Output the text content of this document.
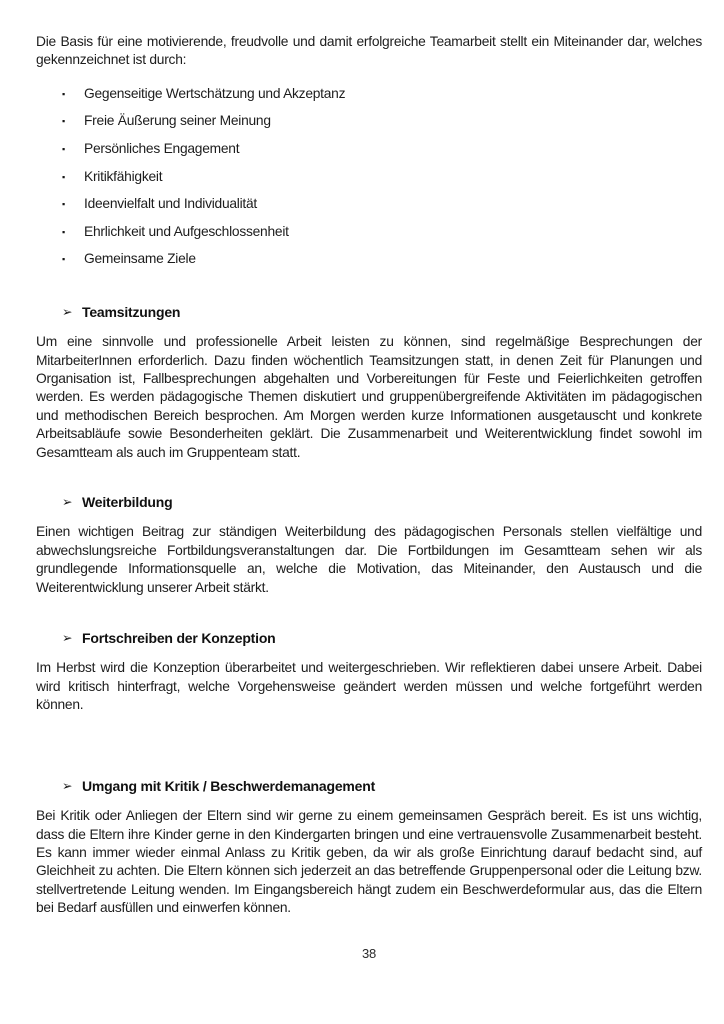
Die Basis für eine motivierende, freudvolle und damit erfolgreiche Teamarbeit stellt ein Miteinander dar, welches gekennzeichnet ist durch:

▪	Gegenseitige Wertschätzung und Akzeptanz
▪	Freie Äußerung seiner Meinung
▪	Persönliches Engagement
▪	Kritikfähigkeit
▪	Ideenvielfalt und Individualität
▪	Ehrlichkeit und Aufgeschlossenheit
▪	Gemeinsame Ziele
➢ Teamsitzungen

Um eine sinnvolle und professionelle Arbeit leisten zu können, sind regelmäßige Besprechungen der MitarbeiterInnen erforderlich. Dazu finden wöchentlich Teamsitzungen statt, in denen Zeit für Planungen und Organisation ist, Fallbesprechungen abgehalten und Vorbereitungen für Feste und Feierlichkeiten getroffen werden. Es werden pädagogische Themen diskutiert und gruppenübergreifende Aktivitäten im pädagogischen und methodischen Bereich besprochen. Am Morgen werden kurze Informationen ausgetauscht und konkrete Arbeitsabläufe sowie Besonderheiten geklärt. Die Zusammenarbeit und Weiterentwicklung findet sowohl im Gesamtteam als auch im Gruppenteam statt.

➢ Weiterbildung

Einen wichtigen Beitrag zur ständigen Weiterbildung des pädagogischen Personals stellen vielfältige und abwechslungsreiche Fortbildungsveranstaltungen dar. Die Fortbildungen im Gesamtteam sehen wir als grundlegende Informationsquelle an, welche die Motivation, das Miteinander, den Austausch und die Weiterentwicklung unserer Arbeit stärkt.

➢ Fortschreiben der Konzeption

Im Herbst wird die Konzeption überarbeitet und weitergeschrieben. Wir reflektieren dabei unsere Arbeit. Dabei wird kritisch hinterfragt, welche Vorgehensweise geändert werden müssen und welche fortgeführt werden können.

➢ Umgang mit Kritik / Beschwerdemanagement

Bei Kritik oder Anliegen der Eltern sind wir gerne zu einem gemeinsamen Gespräch bereit. Es ist uns wichtig, dass die Eltern ihre Kinder gerne in den Kindergarten bringen und eine vertrauensvolle Zusammenarbeit besteht. Es kann immer wieder einmal Anlass zu Kritik geben, da wir als große Einrichtung darauf bedacht sind, auf Gleichheit zu achten. Die Eltern können sich jederzeit an das betreffende Gruppenpersonal oder die Leitung bzw. stellvertretende Leitung wenden. Im Eingangsbereich hängt zudem ein Beschwerdeformular aus, das die Eltern bei Bedarf ausfüllen und einwerfen können.

38
